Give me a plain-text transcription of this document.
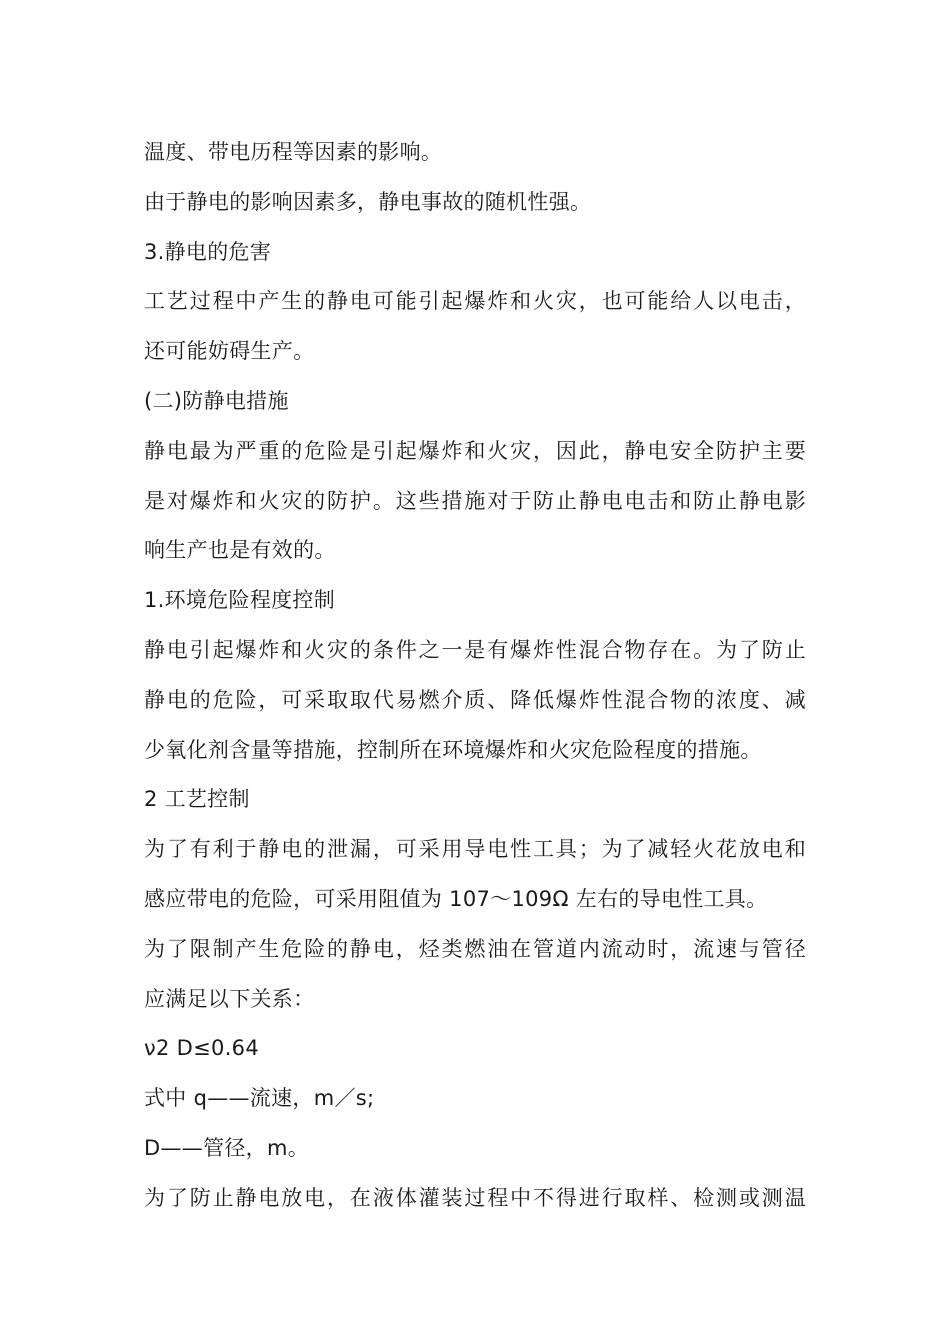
温度、带电历程等因素的影响。
由于静电的影响因素多，静电事故的随机性强。
3.静电的危害
工艺过程中产生的静电可能引起爆炸和火灾，也可能给人以电击，
还可能妨碍生产。
(二)防静电措施
静电最为严重的危险是引起爆炸和火灾，因此，静电安全防护主要
是对爆炸和火灾的防护。这些措施对于防止静电电击和防止静电影
响生产也是有效的。
1.环境危险程度控制
静电引起爆炸和火灾的条件之一是有爆炸性混合物存在。为了防止
静电的危险，可采取取代易燃介质、降低爆炸性混合物的浓度、减
少氧化剂含量等措施，控制所在环境爆炸和火灾危险程度的措施。
2 工艺控制
为了有利于静电的泄漏，可采用导电性工具；为了减轻火花放电和
感应带电的危险，可采用阻值为 107～109Ω 左右的导电性工具。
为了限制产生危险的静电，烃类燃油在管道内流动时，流速与管径
应满足以下关系：
ν2 D≤0.64
式中 q——流速，m／s;
D——管径，m。
为了防止静电放电，在液体灌装过程中不得进行取样、检测或测温
